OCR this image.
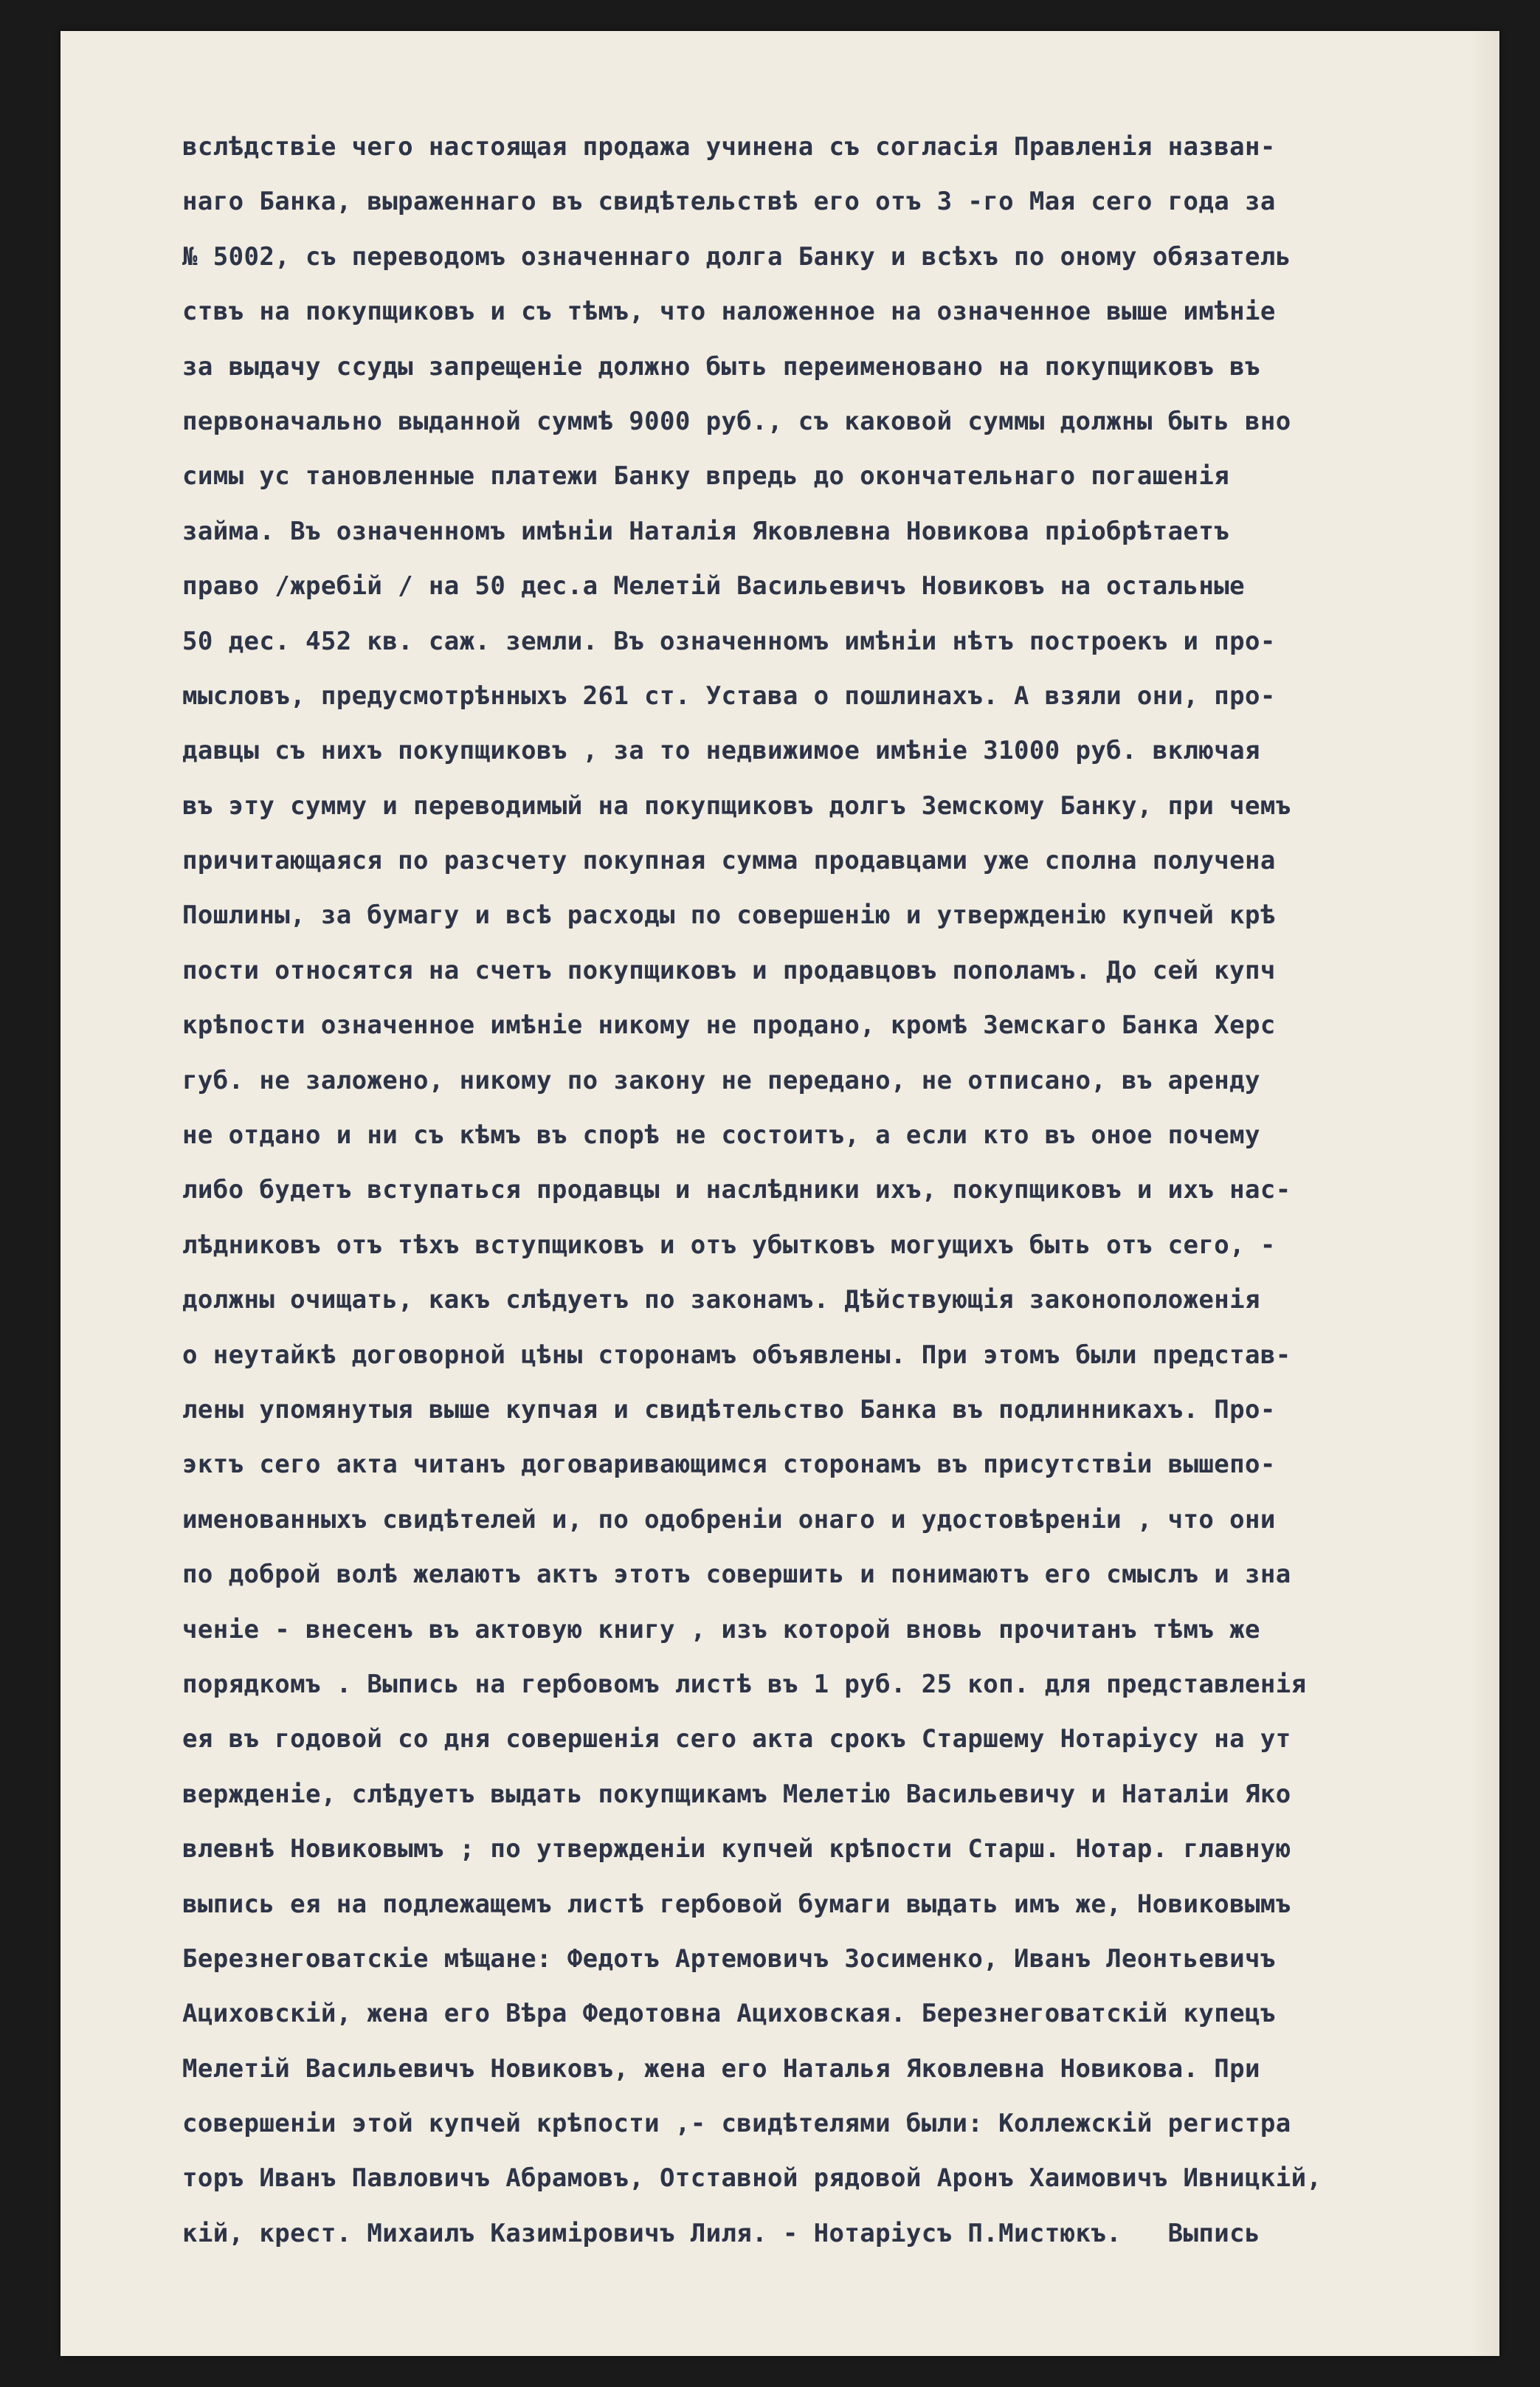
вслѣдствіе чего настоящая продажа учинена съ согласія Правленія назван-
наго Банка, выраженнаго въ свидѣтельствѣ его отъ 3 -го Мая сего года за
№ 5002, съ переводомъ означеннаго долга Банку и всѣхъ по оному обязатель
ствъ на покупщиковъ и съ тѣмъ, что наложенное на означенное выше имѣніе
за выдачу ссуды запрещеніе должно быть переименовано на покупщиковъ въ
первоначально выданной суммѣ 9000 руб., съ каковой суммы должны быть вно
симы ус тановленные платежи Банку впредь до окончательнаго погашенія
займа. Въ означенномъ имѣніи Наталія Яковлевна Новикова пріобрѣтаетъ
право /жребій / на 50 дес.а Мелетій Васильевичъ Новиковъ на остальные
50 дес. 452 кв. саж. земли. Въ означенномъ имѣніи нѣтъ построекъ и про-
мысловъ, предусмотрѣнныхъ 261 ст. Устава о пошлинахъ. А взяли они, про-
давцы съ нихъ покупщиковъ , за то недвижимое имѣніе 31000 руб. включая
въ эту сумму и переводимый на покупщиковъ долгъ Земскому Банку, при чемъ
причитающаяся по разсчету покупная сумма продавцами уже сполна получена
Пошлины, за бумагу и всѣ расходы по совершенію и утвержденію купчей крѣ
пости относятся на счетъ покупщиковъ и продавцовъ пополамъ. До сей купч
крѣпости означенное имѣніе никому не продано, кромѣ Земскаго Банка Херс
губ. не заложено, никому по закону не передано, не отписано, въ аренду
не отдано и ни съ кѣмъ въ спорѣ не состоитъ, а если кто въ оное почему
либо будетъ вступаться продавцы и наслѣдники ихъ, покупщиковъ и ихъ нас-
лѣдниковъ отъ тѣхъ вступщиковъ и отъ убытковъ могущихъ быть отъ сего, -
должны очищать, какъ слѣдуетъ по законамъ. Дѣйствующія законоположенія
о неутайкѣ договорной цѣны сторонамъ объявлены. При этомъ были представ-
лены упомянутыя выше купчая и свидѣтельство Банка въ подлинникахъ. Про-
эктъ сего акта читанъ договаривающимся сторонамъ въ присутствіи вышепо-
именованныхъ свидѣтелей и, по одобреніи онаго и удостовѣреніи , что они
по доброй волѣ желаютъ актъ этотъ совершить и понимаютъ его смыслъ и зна
ченіе - внесенъ въ актовую книгу , изъ которой вновь прочитанъ тѣмъ же
порядкомъ . Выпись на гербовомъ листѣ въ 1 руб. 25 коп. для представленія
ея въ годовой со дня совершенія сего акта срокъ Старшему Нотаріусу на ут
вержденіе, слѣдуетъ выдать покупщикамъ Мелетію Васильевичу и Наталіи Яко
влевнѣ Новиковымъ ; по утвержденіи купчей крѣпости Старш. Нотар. главную
выпись ея на подлежащемъ листѣ гербовой бумаги выдать имъ же, Новиковымъ
Березнеговатскіе мѣщане: Федотъ Артемовичъ Зосименко, Иванъ Леонтьевичъ
Ациховскій, жена его Вѣра Федотовна Ациховская. Березнеговатскій купецъ
Мелетій Васильевичъ Новиковъ, жена его Наталья Яковлевна Новикова. При
совершеніи этой купчей крѣпости ,- свидѣтелями были: Коллежскій регистра
торъ Иванъ Павловичъ Абрамовъ, Отставной рядовой Аронъ Хаимовичъ Ивницкій,
кій, крест. Михаилъ Казиміровичъ Лиля. - Нотаріусъ П.Мистюкъ.   Выпись
